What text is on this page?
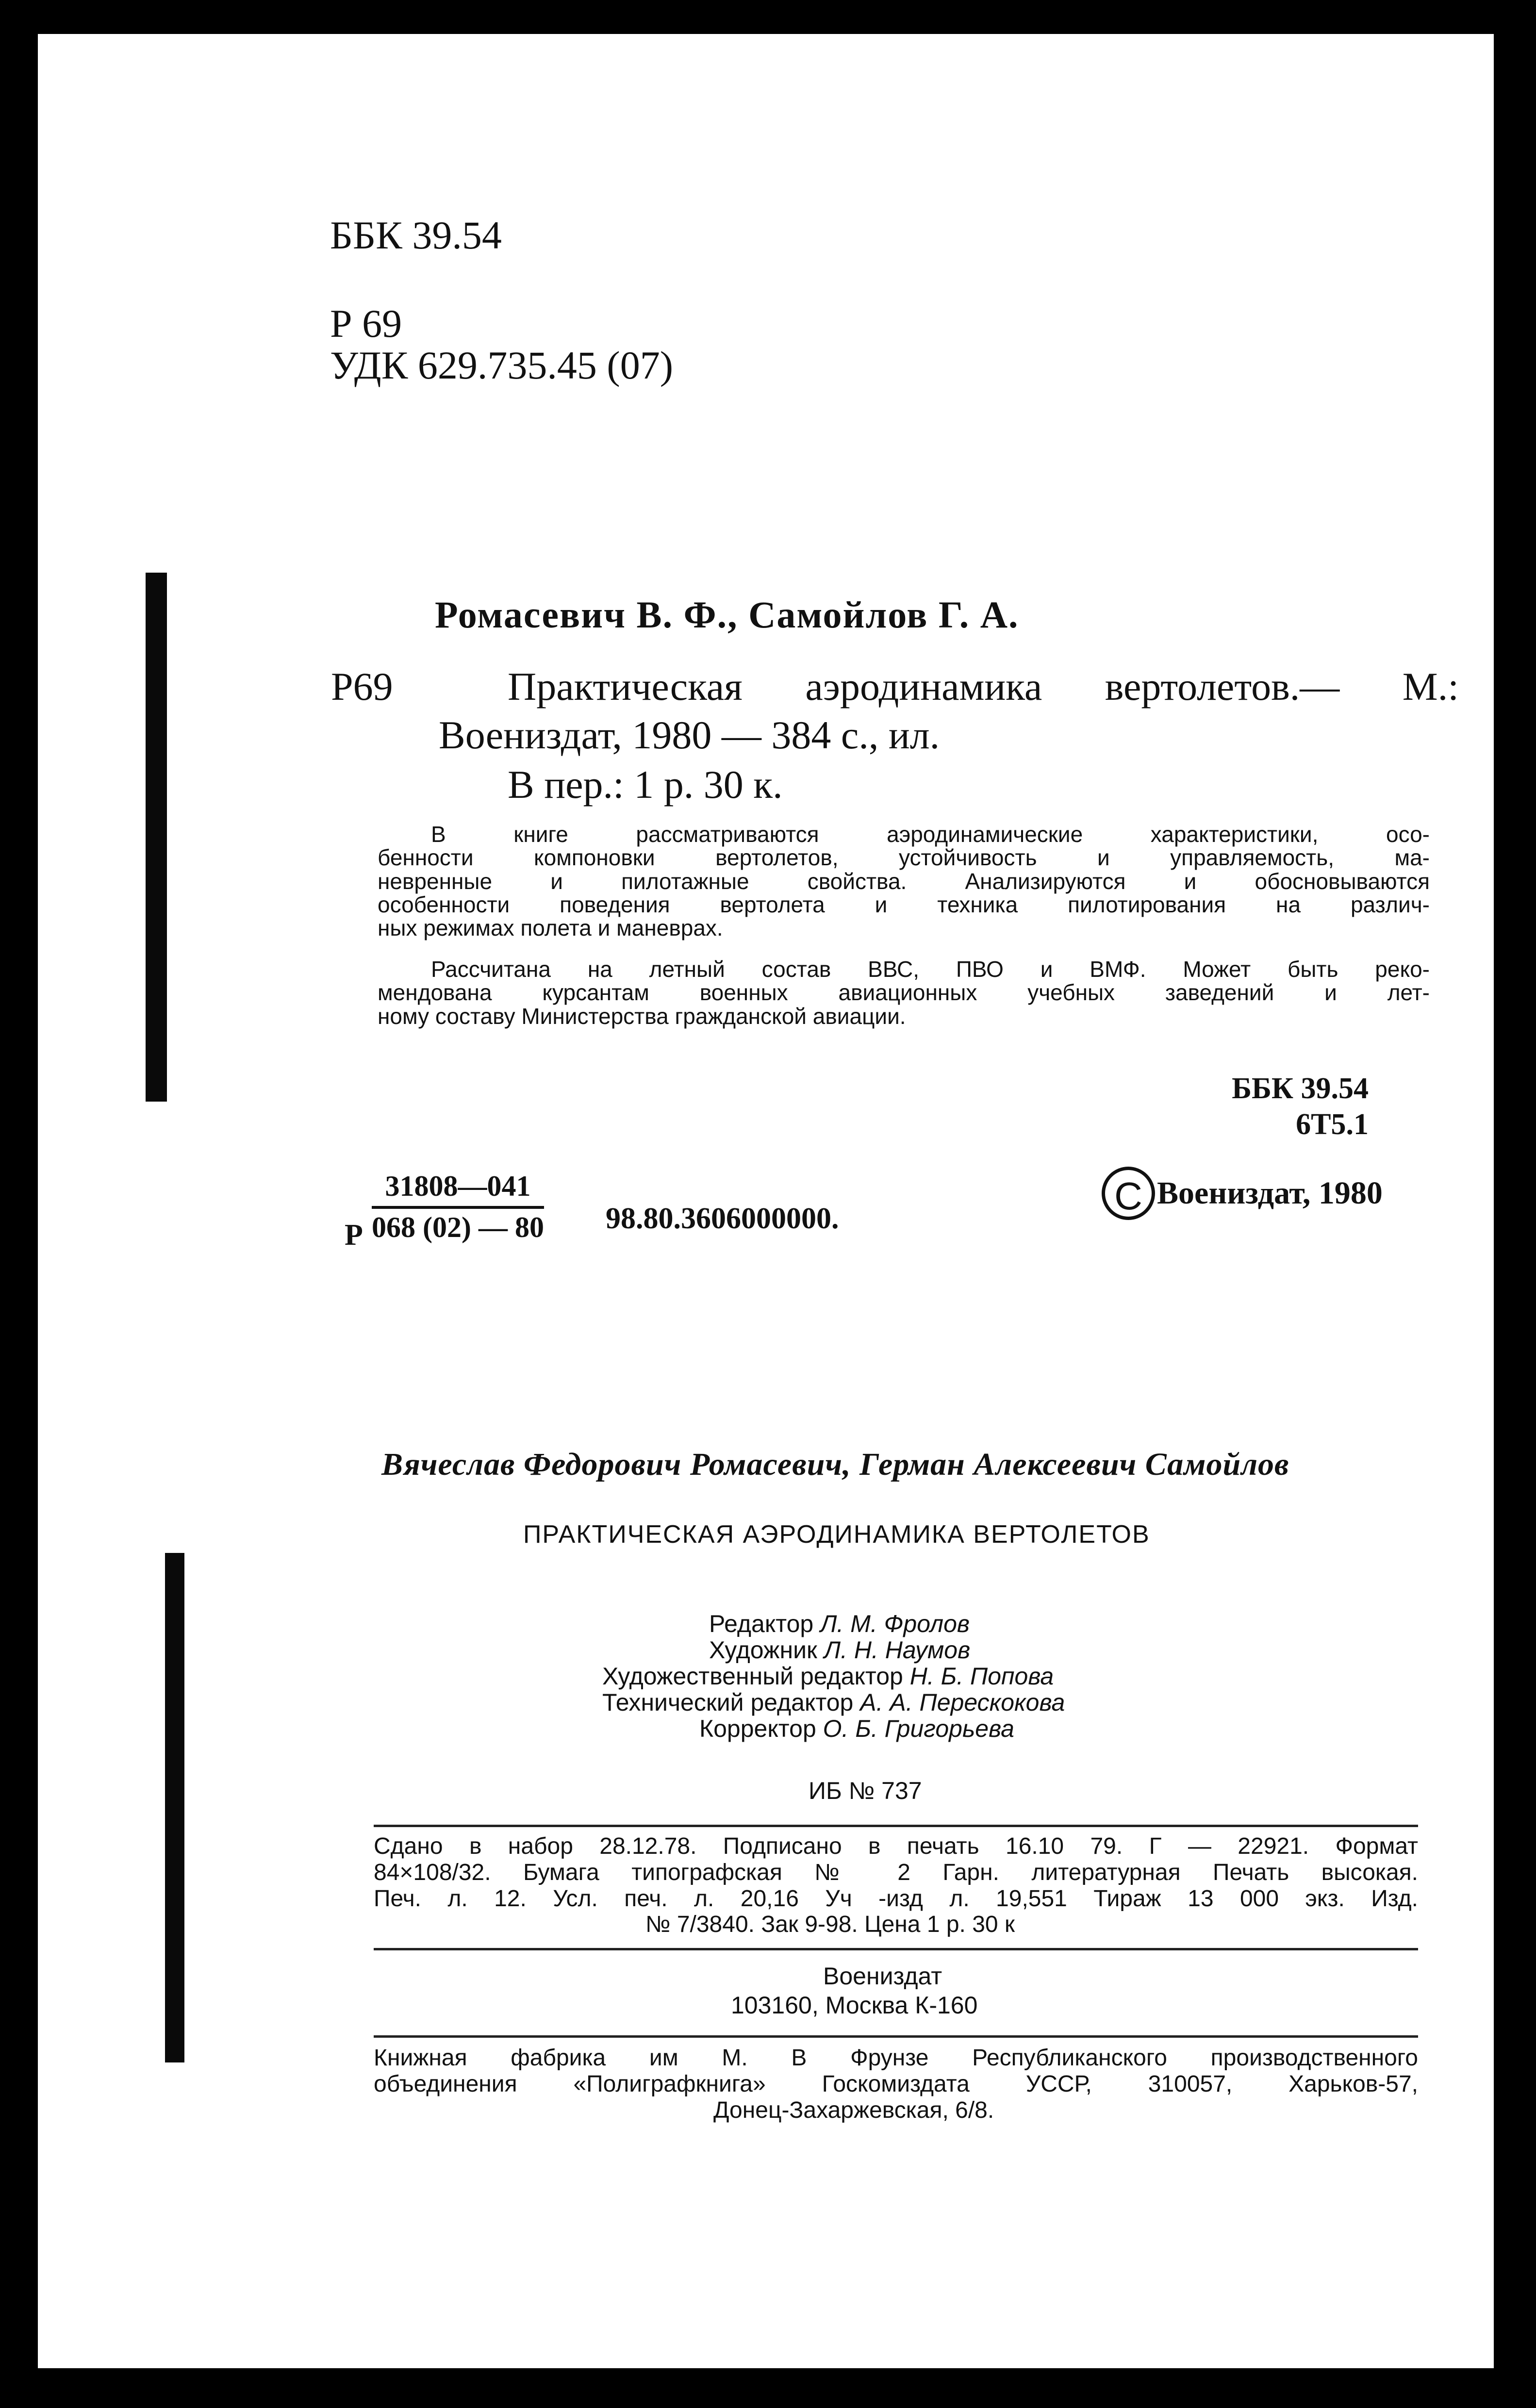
ББК 39.54
Р 69
УДК 629.735.45 (07)
Ромасевич В. Ф., Самойлов Г. А.
Р69	Практическая аэродинамика вертолетов.— М.:
Воениздат, 1980 — 384 с., ил.
В пер.: 1 р. 30 к.
В книге рассматриваются аэродинамические характеристики, осо-
бенности компоновки вертолетов, устойчивость и управляемость, ма-
невренные и пилотажные свойства. Анализируются и обосновываются
особенности поведения вертолета и техника пилотирования на различ-
ных режимах полета и маневрах.
Рассчитана на летный состав ВВС, ПВО и ВМФ. Может быть реко-
мендована курсантам военных авиационных учебных заведений и лет-
ному составу Министерства гражданской авиации.
ББК 39.54
6Т5.1
Р $\frac{31808—041}{068 (02) — 80} 98.80.3606000000$.
С Воениздат, 1980
Вячеслав Федорович Ромасевич, Герман Алексеевич Самойлов
ПРАКТИЧЕСКАЯ АЭРОДИНАМИКА ВЕРТОЛЕТОВ
Редактор Л. М. Фролов
Художник Л. Н. Наумов
Художественный редактор Н. Б. Попова
Технический редактор А. А. Перескокова
Корректор О. Б. Григорьева
ИБ № 737
Сдано в набор 28.12.78. Подписано в печать 16.10 79. Г — 22921. Формат
84×108/32. Бумага типографская № 2 Гарн. литературная Печать высокая.
Печ. л. 12. Усл. печ. л. 20,16 Уч -изд л. 19,551 Тираж 13 000 экз. Изд.
№ 7/3840. Зак 9-98. Цена 1 р. 30 к
Воениздат
103160, Москва К-160
Книжная фабрика им М. В Фрунзе Республиканского производственного
объединения «Полиграфкнига» Госкомиздата УССР, 310057, Харьков-57,
Донец-Захаржевская, 6/8.
